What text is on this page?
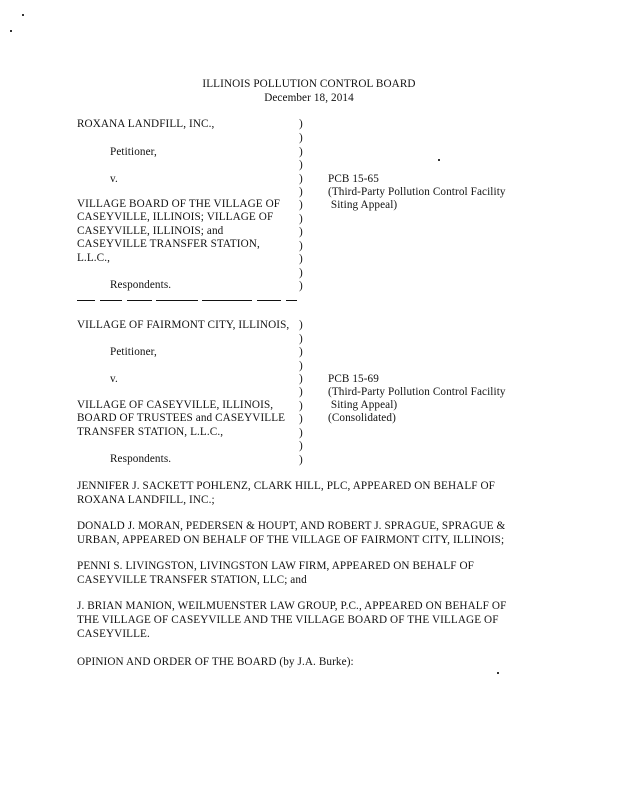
ILLINOIS POLLUTION CONTROL BOARD
December 18, 2014
ROXANA LANDFILL, INC.,
Petitioner,
v.
VILLAGE BOARD OF THE VILLAGE OF
CASEYVILLE, ILLINOIS; VILLAGE OF
CASEYVILLE, ILLINOIS; and
CASEYVILLE TRANSFER STATION,
L.L.C.,
Respondents.
)
)
)
)
)
)
)
)
)
)
)
)
)
PCB 15-65
(Third-Party Pollution Control Facility
Siting Appeal)
VILLAGE OF FAIRMONT CITY, ILLINOIS,
Petitioner,
v.
VILLAGE OF CASEYVILLE, ILLINOIS,
BOARD OF TRUSTEES and CASEYVILLE
TRANSFER STATION, L.L.C.,
Respondents.
)
)
)
)
)
)
)
)
)
)
)
PCB 15-69
(Third-Party Pollution Control Facility
Siting Appeal)
(Consolidated)
JENNIFER J. SACKETT POHLENZ, CLARK HILL, PLC, APPEARED ON BEHALF OF
ROXANA LANDFILL, INC.;
DONALD J. MORAN, PEDERSEN & HOUPT, AND ROBERT J. SPRAGUE, SPRAGUE &
URBAN, APPEARED ON BEHALF OF THE VILLAGE OF FAIRMONT CITY, ILLINOIS;
PENNI S. LIVINGSTON, LIVINGSTON LAW FIRM, APPEARED ON BEHALF OF
CASEYVILLE TRANSFER STATION, LLC; and
J. BRIAN MANION, WEILMUENSTER LAW GROUP, P.C., APPEARED ON BEHALF OF
THE VILLAGE OF CASEYVILLE AND THE VILLAGE BOARD OF THE VILLAGE OF
CASEYVILLE.
OPINION AND ORDER OF THE BOARD (by J.A. Burke):
